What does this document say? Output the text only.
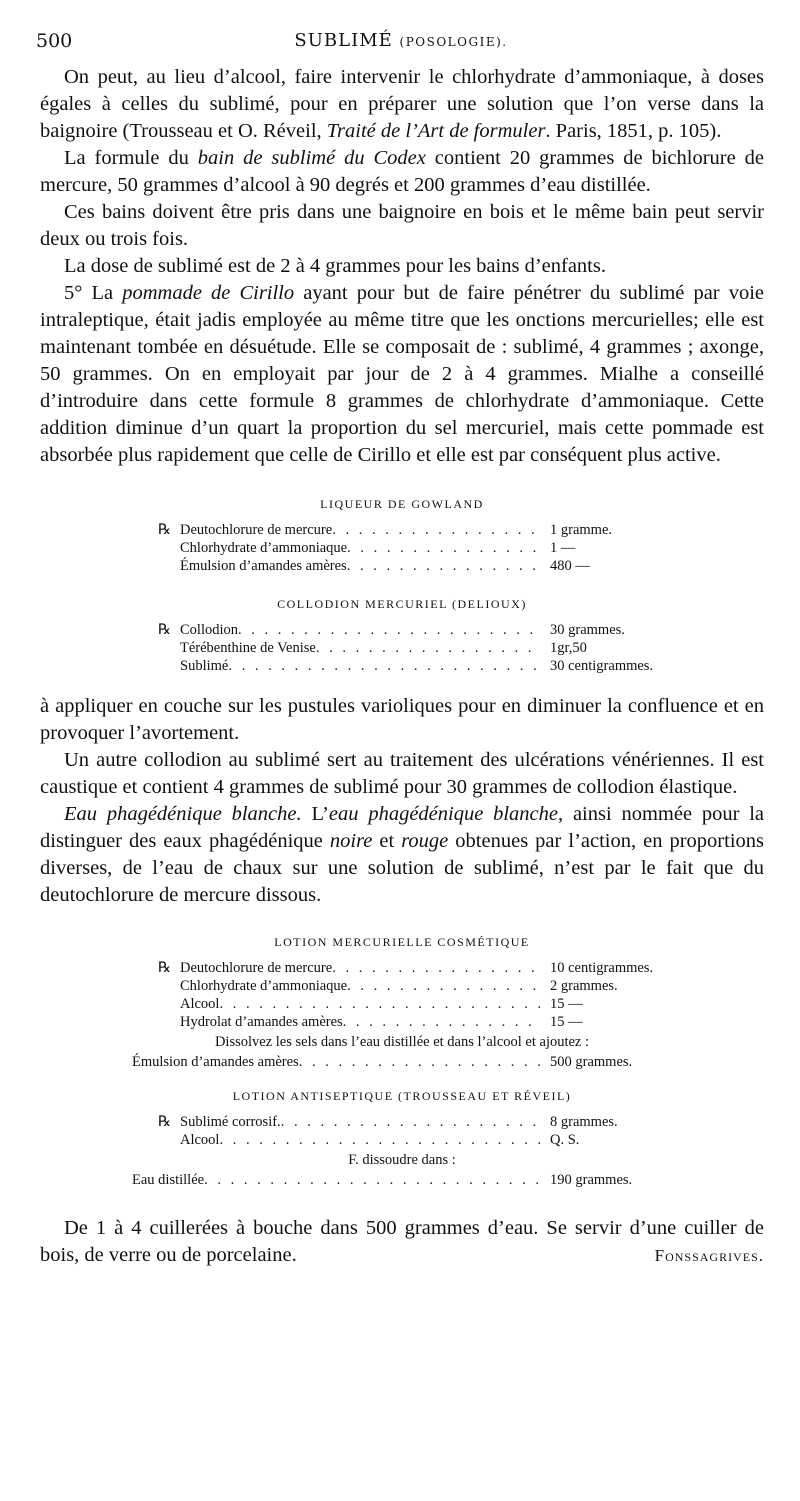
500	SUBLIMÉ (POSOLOGIE).

On peut, au lieu d’alcool, faire intervenir le chlorhydrate d’ammoniaque, à doses égales à celles du sublimé, pour en préparer une solution que l’on verse dans la baignoire (Trousseau et O. Réveil, Traité de l’Art de formuler. Paris, 1851, p. 105).

La formule du bain de sublimé du Codex contient 20 grammes de bichlorure de mercure, 50 grammes d’alcool à 90 degrés et 200 grammes d’eau distillée.

Ces bains doivent être pris dans une baignoire en bois et le même bain peut servir deux ou trois fois.

La dose de sublimé est de 2 à 4 grammes pour les bains d’enfants.

5° La pommade de Cirillo ayant pour but de faire pénétrer du sublimé par voie intraleptique, était jadis employée au même titre que les onctions mercurielles; elle est maintenant tombée en désuétude. Elle se composait de : sublimé, 4 grammes ; axonge, 50 grammes. On en employait par jour de 2 à 4 grammes. Mialhe a conseillé d’introduire dans cette formule 8 grammes de chlorhydrate d’ammoniaque. Cette addition diminue d’un quart la proportion du sel mercuriel, mais cette pommade est absorbée plus rapidement que celle de Cirillo et elle est par conséquent plus active.

LIQUEUR DE GOWLAND
℞ Deutochlorure de mercure . . .	1 gramme.
Chlorhydrate d’ammoniaque . . .	1 —
Émulsion d’amandes amères . . .	480 —
COLLODION MERCURIEL (DELIOUX)
℞ Collodion . . .	30 grammes.
Térébenthine de Venise . . .	1gr,50
Sublimé . . .	30 centigrammes.

à appliquer en couche sur les pustules varioliques pour en diminuer la confluence et en provoquer l’avortement.

Un autre collodion au sublimé sert au traitement des ulcérations vénériennes. Il est caustique et contient 4 grammes de sublimé pour 30 grammes de collodion élastique.

Eau phagédénique blanche. L’eau phagédénique blanche, ainsi nommée pour la distinguer des eaux phagédénique noire et rouge obtenues par l’action, en proportions diverses, de l’eau de chaux sur une solution de sublimé, n’est par le fait que du deutochlorure de mercure dissous.

LOTION MERCURIELLE COSMÉTIQUE
℞ Deutochlorure de mercure . . .	10 centigrammes.
Chlorhydrate d’ammoniaque . . .	2 grammes.
Alcool . . .	15 —
Hydrolat d’amandes amères . . .	15 —
Dissolvez les sels dans l’eau distillée et dans l’alcool et ajoutez :
Émulsion d’amandes amères . . .	500 grammes.
LOTION ANTISEPTIQUE (TROUSSEAU ET RÉVEIL)
℞ Sublimé corrosif. . . .	8 grammes.
Alcool . . .	Q. S.
F. dissoudre dans :
Eau distillée . . .	190 grammes.

De 1 à 4 cuillerées à bouche dans 500 grammes d’eau. Se servir d’une cuiller de bois, de verre ou de porcelaine.	Fonssagrives.
